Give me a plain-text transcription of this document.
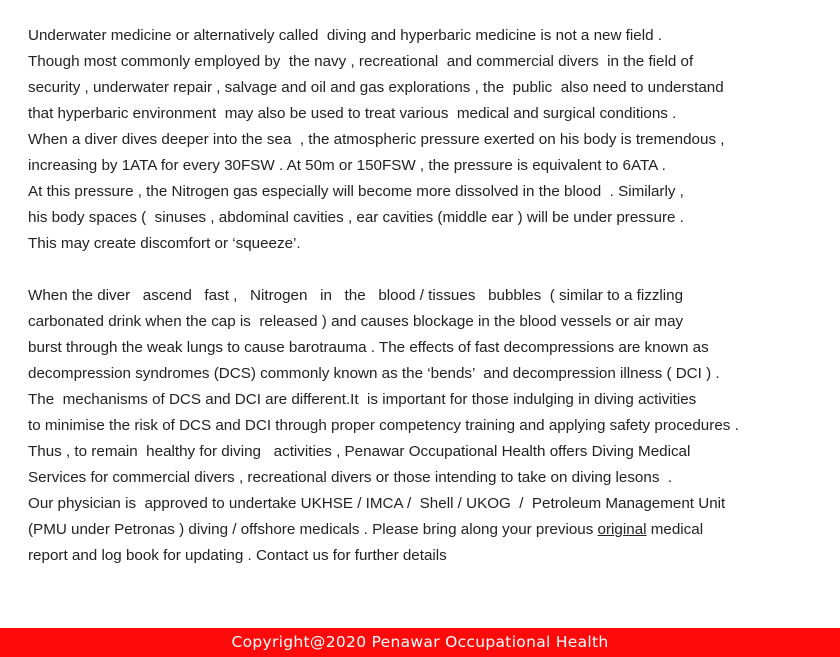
Underwater medicine or alternatively called  diving and hyperbaric medicine is not a new field .
Though most commonly employed by  the navy , recreational  and commercial divers  in the field of
security , underwater repair , salvage and oil and gas explorations , the  public  also need to understand
that hyperbaric environment  may also be used to treat various  medical and surgical conditions .
When a diver dives deeper into the sea  , the atmospheric pressure exerted on his body is tremendous ,
increasing by 1ATA for every 30FSW . At 50m or 150FSW , the pressure is equivalent to 6ATA .
At this pressure , the Nitrogen gas especially will become more dissolved in the blood  . Similarly ,
his body spaces (  sinuses , abdominal cavities , ear cavities (middle ear ) will be under pressure .
This may create discomfort or ‘squeeze’.
When the diver   ascend   fast ,   Nitrogen   in   the   blood / tissues   bubbles  ( similar to a fizzling
carbonated drink when the cap is  released ) and causes blockage in the blood vessels or air may
burst through the weak lungs to cause barotrauma . The effects of fast decompressions are known as
decompression syndromes (DCS) commonly known as the ‘bends’  and decompression illness ( DCI ) .
The  mechanisms of DCS and DCI are different.It  is important for those indulging in diving activities
to minimise the risk of DCS and DCI through proper competency training and applying safety procedures .
Thus , to remain  healthy for diving   activities , Penawar Occupational Health offers Diving Medical
Services for commercial divers , recreational divers or those intending to take on diving lesons  .
Our physician is  approved to undertake UKHSE / IMCA /  Shell / UKOG  /  Petroleum Management Unit
(PMU under Petronas ) diving / offshore medicals . Please bring along your previous original medical
report and log book for updating . Contact us for further details
Copyright@2020 Penawar Occupational Health
